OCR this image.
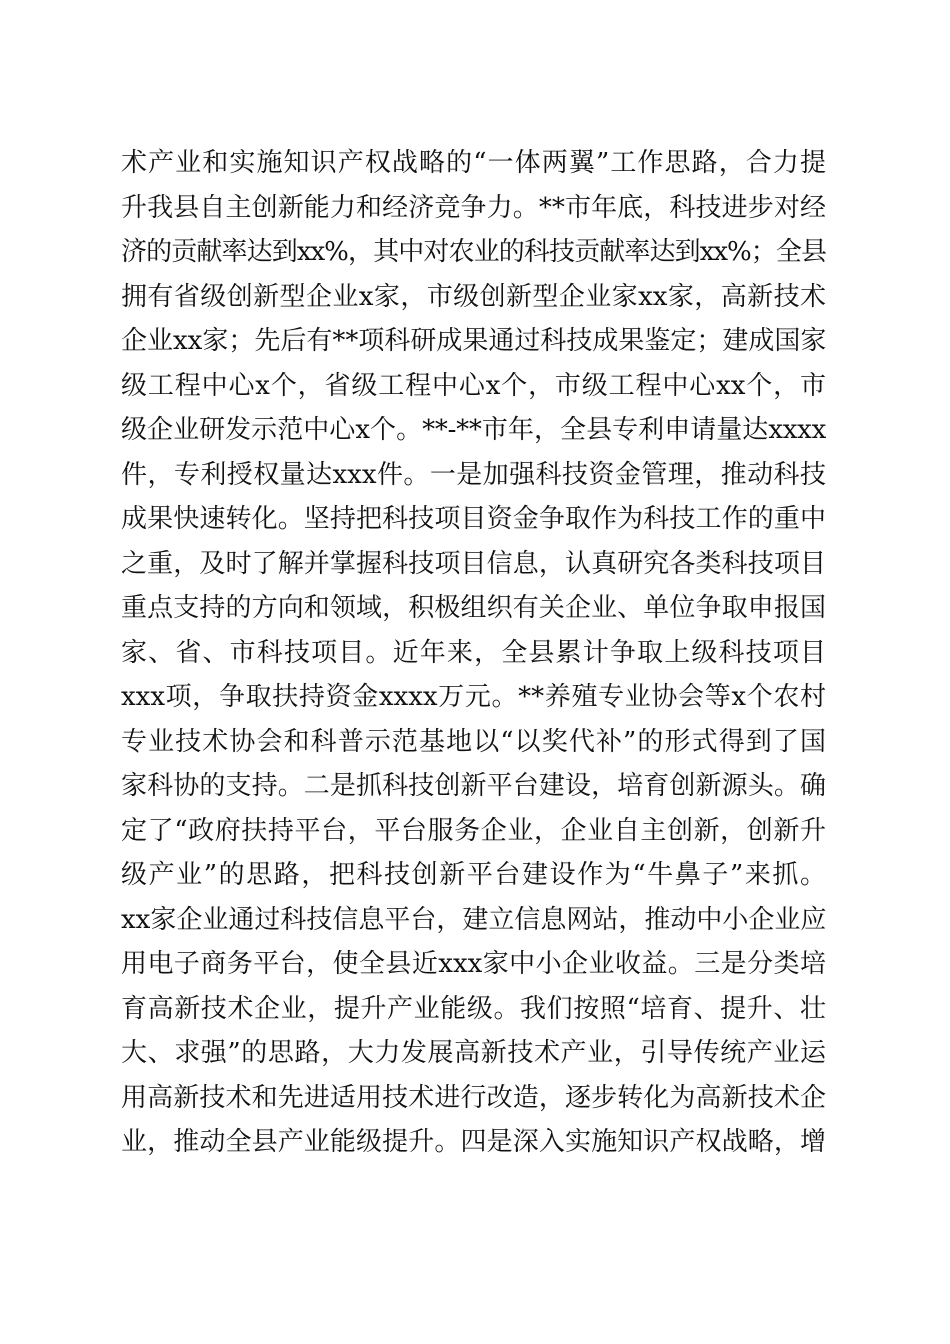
术产业和实施知识产权战略的“一体两翼”工作思路，合力提
升我县自主创新能力和经济竞争力。**市年底，科技进步对经
济的贡献率达到xx%，其中对农业的科技贡献率达到xx%；全县
拥有省级创新型企业x家，市级创新型企业家xx家，高新技术
企业xx家；先后有**项科研成果通过科技成果鉴定；建成国家
级工程中心x个，省级工程中心x个，市级工程中心xx个，市
级企业研发示范中心x个。**-**市年，全县专利申请量达xxxx
件，专利授权量达xxx件。一是加强科技资金管理，推动科技
成果快速转化。坚持把科技项目资金争取作为科技工作的重中
之重，及时了解并掌握科技项目信息，认真研究各类科技项目
重点支持的方向和领域，积极组织有关企业、单位争取申报国
家、省、市科技项目。近年来，全县累计争取上级科技项目
xxx项，争取扶持资金xxxx万元。**养殖专业协会等x个农村
专业技术协会和科普示范基地以“以奖代补”的形式得到了国
家科协的支持。二是抓科技创新平台建设，培育创新源头。确
定了“政府扶持平台，平台服务企业，企业自主创新，创新升
级产业”的思路，把科技创新平台建设作为“牛鼻子”来抓。
xx家企业通过科技信息平台，建立信息网站，推动中小企业应
用电子商务平台，使全县近xxx家中小企业收益。三是分类培
育高新技术企业，提升产业能级。我们按照“培育、提升、壮
大、求强”的思路，大力发展高新技术产业，引导传统产业运
用高新技术和先进适用技术进行改造，逐步转化为高新技术企
业，推动全县产业能级提升。四是深入实施知识产权战略，增
